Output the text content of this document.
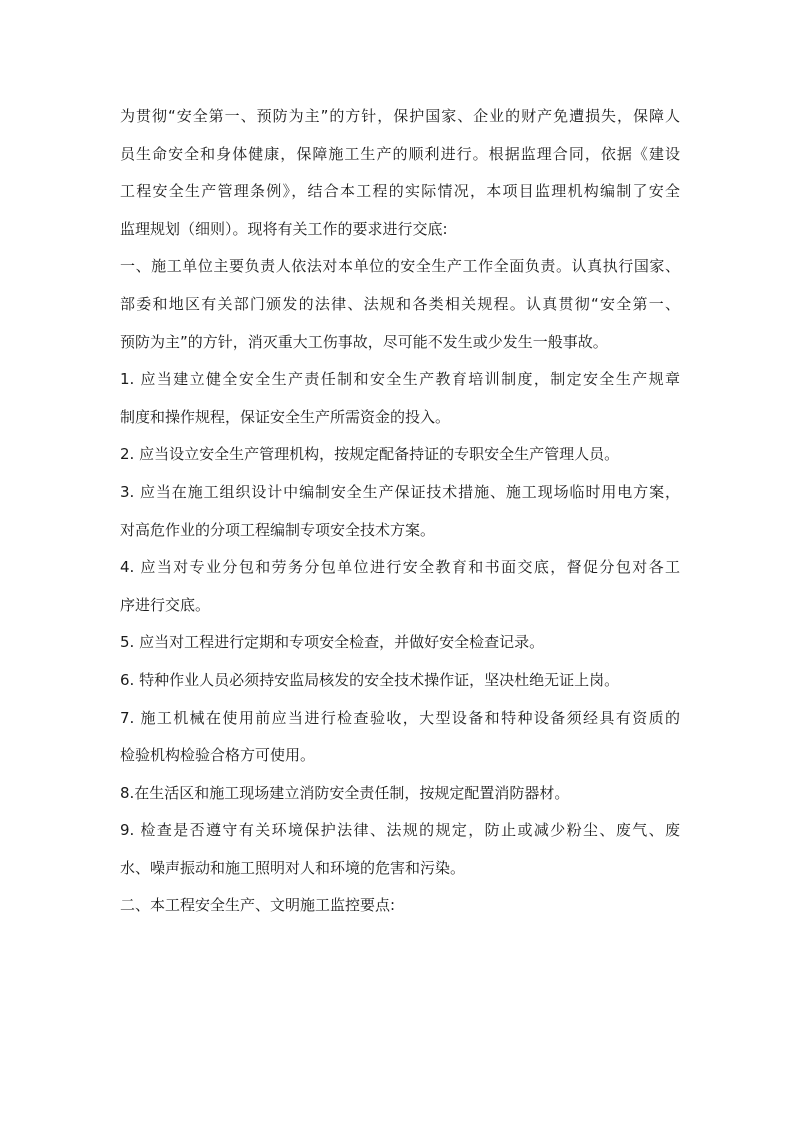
为贯彻“安全第一、预防为主”的方针，保护国家、企业的财产免遭损失，保障人
员生命安全和身体健康，保障施工生产的顺利进行。根据监理合同，依据《建设
工程安全生产管理条例》，结合本工程的实际情况，本项目监理机构编制了安全
监理规划（细则）。现将有关工作的要求进行交底:
一、施工单位主要负责人依法对本单位的安全生产工作全面负责。认真执行国家、
部委和地区有关部门颁发的法律、法规和各类相关规程。认真贯彻“安全第一、
预防为主”的方针，消灭重大工伤事故，尽可能不发生或少发生一般事故。
1. 应当建立健全安全生产责任制和安全生产教育培训制度，制定安全生产规章
制度和操作规程，保证安全生产所需资金的投入。
2. 应当设立安全生产管理机构，按规定配备持证的专职安全生产管理人员。
3. 应当在施工组织设计中编制安全生产保证技术措施、施工现场临时用电方案，
对高危作业的分项工程编制专项安全技术方案。
4. 应当对专业分包和劳务分包单位进行安全教育和书面交底，督促分包对各工
序进行交底。
5. 应当对工程进行定期和专项安全检查，并做好安全检查记录。
6. 特种作业人员必须持安监局核发的安全技术操作证，坚决杜绝无证上岗。
7. 施工机械在使用前应当进行检查验收，大型设备和特种设备须经具有资质的
检验机构检验合格方可使用。
8.在生活区和施工现场建立消防安全责任制，按规定配置消防器材。
9. 检查是否遵守有关环境保护法律、法规的规定，防止或减少粉尘、废气、废
水、噪声振动和施工照明对人和环境的危害和污染。
二、本工程安全生产、文明施工监控要点:
